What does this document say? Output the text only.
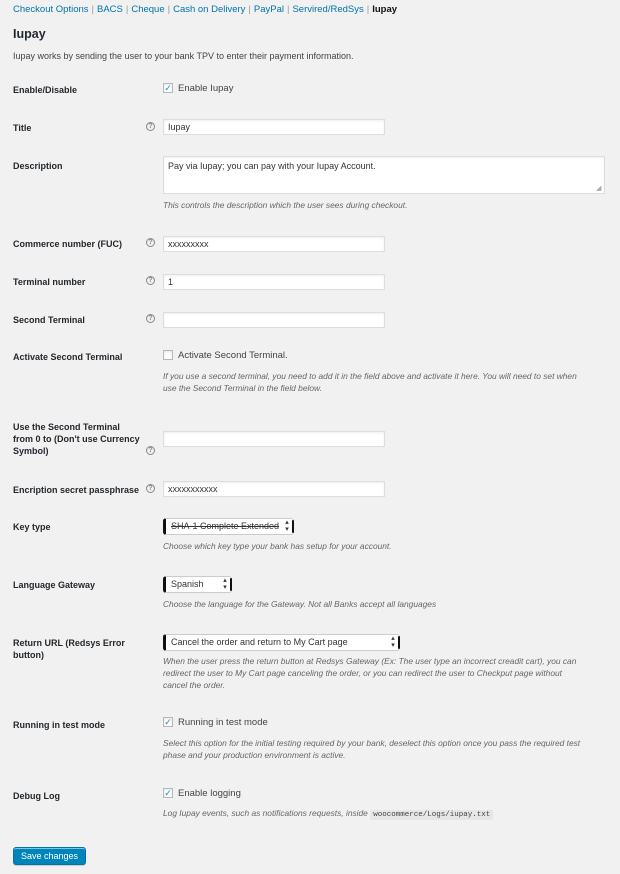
Checkout Options | BACS | Cheque | Cash on Delivery | PayPal | Servired/RedSys | Iupay
Iupay

Iupay works by sending the user to your bank TPV to enter their payment information.

Enable/Disable	✓ Enable Iupay
Title	?	Iupay
Description	Pay via Iupay; you can pay with your Iupay Account.
◢
This controls the description which the user sees during checkout.
Commerce number (FUC)	?	xxxxxxxxx
Terminal number	?	1
Second Terminal	?
Activate Second Terminal	Activate Second Terminal.
If you use a second terminal, you need to add it in the field above and activate it here. You will need to set when
use the Second Terminal in the field below.
Use the Second Terminal
from 0 to (Don't use Currency
Symbol)	?
Encription secret passphrase	?	xxxxxxxxxxx
Key type	SHA-1 Complete Extended ▴
▾
Choose which key type your bank has setup for your account.
Language Gateway	Spanish	▴
▾
Choose the language for the Gateway. Not all Banks accept all languages
Return URL (Redsys Error
button)
Cancel the order and return to My Cart page	▴
▾
When the user press the return button at Redsys Gateway (Ex: The user type an incorrect creadit cart), you can
redirect the user to My Cart page canceling the order, or you can redirect the user to Checkput page without
cancel the order.
Running in test mode	✓ Running in test mode
Select this option for the initial testing required by your bank, deselect this option once you pass the required test
phase and your production environment is active.
Debug Log	✓ Enable logging
Log Iupay events, such as notifications requests, inside woocommerce/Logs/iupay.txt
Save changes
